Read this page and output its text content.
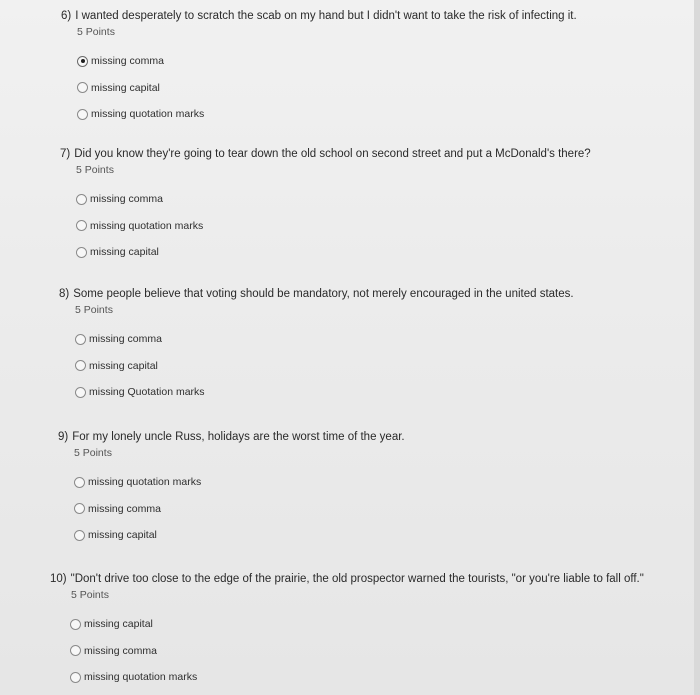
6) I wanted desperately to scratch the scab on my hand but I didn't want to take the risk of infecting it.

5 Points

missing comma
missing capital
missing quotation marks

7) Did you know they're going to tear down the old school on second street and put a McDonald's there?

5 Points

missing comma
missing quotation marks
missing capital

8) Some people believe that voting should be mandatory, not merely encouraged in the united states.

5 Points

missing comma
missing capital
missing Quotation marks

9) For my lonely uncle Russ, holidays are the worst time of the year.

5 Points

missing quotation marks
missing comma
missing capital

10) "Don't drive too close to the edge of the prairie, the old prospector warned the tourists, "or you're liable to fall off."

5 Points

missing capital
missing comma
missing quotation marks
